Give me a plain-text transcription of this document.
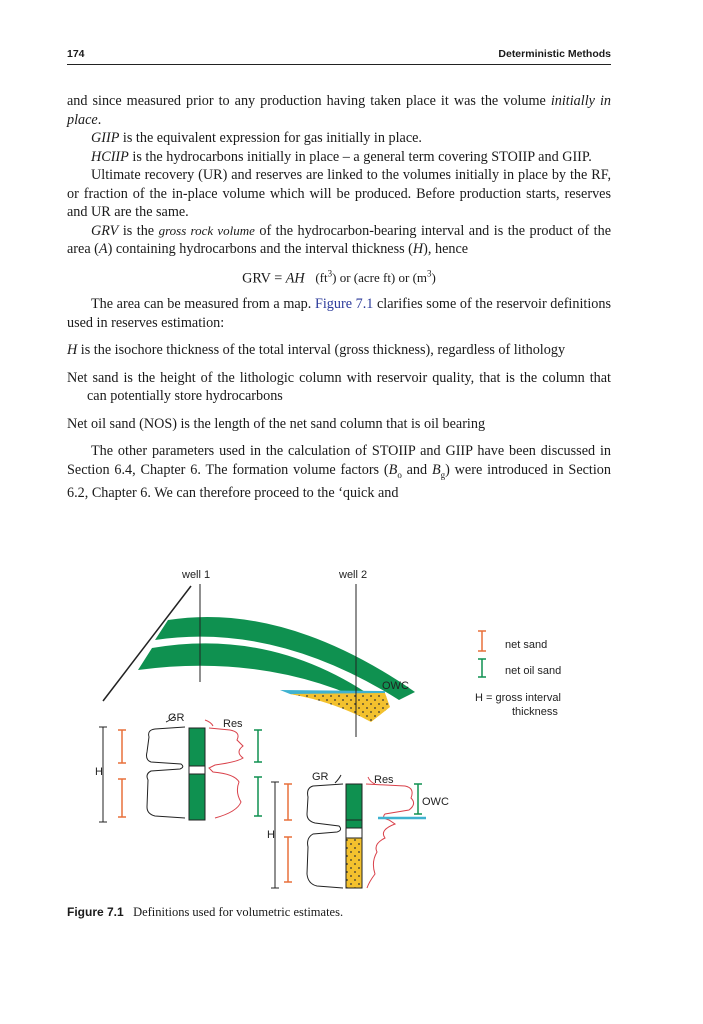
174	Deterministic Methods

and since measured prior to any production having taken place it was the volume initially in place.

GIIP is the equivalent expression for gas initially in place.

HCIIP is the hydrocarbons initially in place – a general term covering STOIIP and GIIP.

Ultimate recovery (UR) and reserves are linked to the volumes initially in place by the RF, or fraction of the in-place volume which will be produced. Before production starts, reserves and UR are the same.

GRV is the gross rock volume of the hydrocarbon-bearing interval and is the product of the area (A) containing hydrocarbons and the interval thickness (H), hence

GRV = AH $(ft^3)$ or (acre ft) or $(m^3)$

The area can be measured from a map. Figure 7.1 clarifies some of the reservoir definitions used in reserves estimation:

H is the isochore thickness of the total interval (gross thickness), regardless of lithology

Net sand is the height of the lithologic column with reservoir quality, that is the column that can potentially store hydrocarbons

Net oil sand (NOS) is the length of the net sand column that is oil bearing

The other parameters used in the calculation of STOIIP and GIIP have been discussed in Section 6.4, Chapter 6. The formation volume factors ($B_o$ and $B_g$) were introduced in Section 6.2, Chapter 6. We can therefore proceed to the ‘quick and

well 1	well 2
OWC
net sand
net oil sand
H = gross interval
thickness
GR	Res
H	GR	Res
H
OWC
Figure 7.1 Definitions used for volumetric estimates.
